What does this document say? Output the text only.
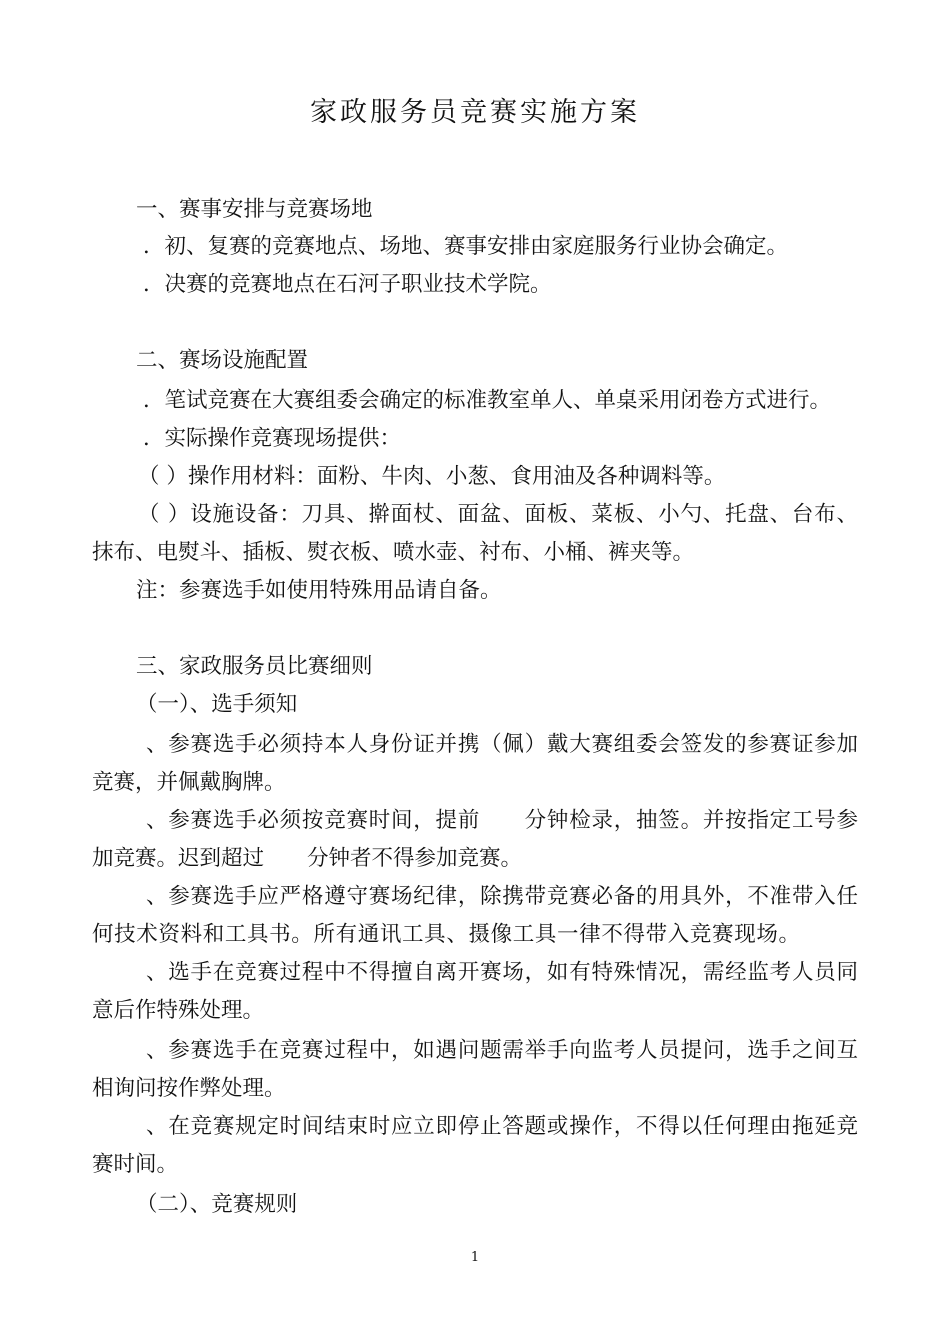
家政服务员竞赛实施方案
一、赛事安排与竞赛场地
．初、复赛的竞赛地点、场地、赛事安排由家庭服务行业协会确定。
．决赛的竞赛地点在石河子职业技术学院。
二、赛场设施配置
．笔试竞赛在大赛组委会确定的标准教室单人、单桌采用闭卷方式进行。
．实际操作竞赛现场提供：
（ ）操作用材料：面粉、牛肉、小葱、食用油及各种调料等。
（ ）设施设备：刀具、擀面杖、面盆、面板、菜板、小勺、托盘、台布、
抹布、电熨斗、插板、熨衣板、喷水壶、衬布、小桶、裤夹等。
注：参赛选手如使用特殊用品请自备。
三、家政服务员比赛细则
（一）、选手须知
、参赛选手必须持本人身份证并携（佩）戴大赛组委会签发的参赛证参加
竞赛，并佩戴胸牌。
、参赛选手必须按竞赛时间，提前　　分钟检录，抽签。并按指定工号参
加竞赛。迟到超过　　分钟者不得参加竞赛。
、参赛选手应严格遵守赛场纪律，除携带竞赛必备的用具外，不准带入任
何技术资料和工具书。所有通讯工具、摄像工具一律不得带入竞赛现场。
、选手在竞赛过程中不得擅自离开赛场，如有特殊情况，需经监考人员同
意后作特殊处理。
、参赛选手在竞赛过程中，如遇问题需举手向监考人员提问，选手之间互
相询问按作弊处理。
、在竞赛规定时间结束时应立即停止答题或操作，不得以任何理由拖延竞
赛时间。
（二）、竞赛规则
1
